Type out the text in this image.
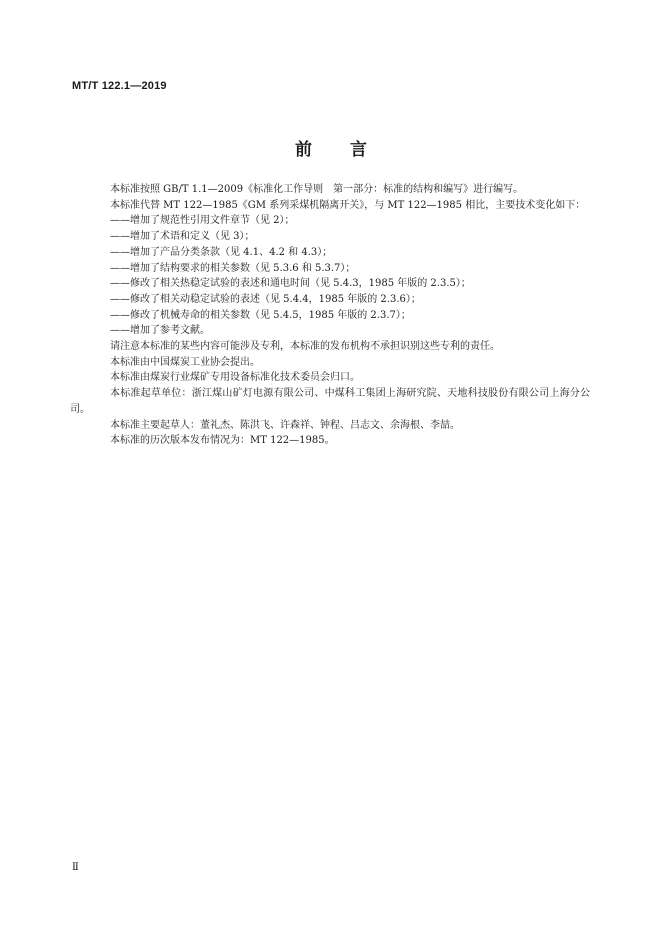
MT/T 122.1—2019
前言

本标准按照 GB/T 1.1—2009《标准化工作导则　第一部分：标准的结构和编写》进行编写。

本标准代替 MT 122—1985《GM 系列采煤机隔离开关》，与 MT 122—1985 相比，主要技术变化如下：

——增加了规范性引用文件章节（见 2）；

——增加了术语和定义（见 3）；

——增加了产品分类条款（见 4.1、4.2 和 4.3）；

——增加了结构要求的相关参数（见 5.3.6 和 5.3.7）；

——修改了相关热稳定试验的表述和通电时间（见 5.4.3，1985 年版的 2.3.5）；

——修改了相关动稳定试验的表述（见 5.4.4，1985 年版的 2.3.6）；

——修改了机械寿命的相关参数（见 5.4.5，1985 年版的 2.3.7）；

——增加了参考文献。

请注意本标准的某些内容可能涉及专利，本标准的发布机构不承担识别这些专利的责任。

本标准由中国煤炭工业协会提出。

本标准由煤炭行业煤矿专用设备标准化技术委员会归口。

本标准起草单位：浙江煤山矿灯电源有限公司、中煤科工集团上海研究院、天地科技股份有限公司上海分公司。

本标准主要起草人：董礼杰、陈洪飞、许森祥、钟程、吕志文、余海根、李喆。

本标准的历次版本发布情况为：MT 122—1985。

Ⅱ
